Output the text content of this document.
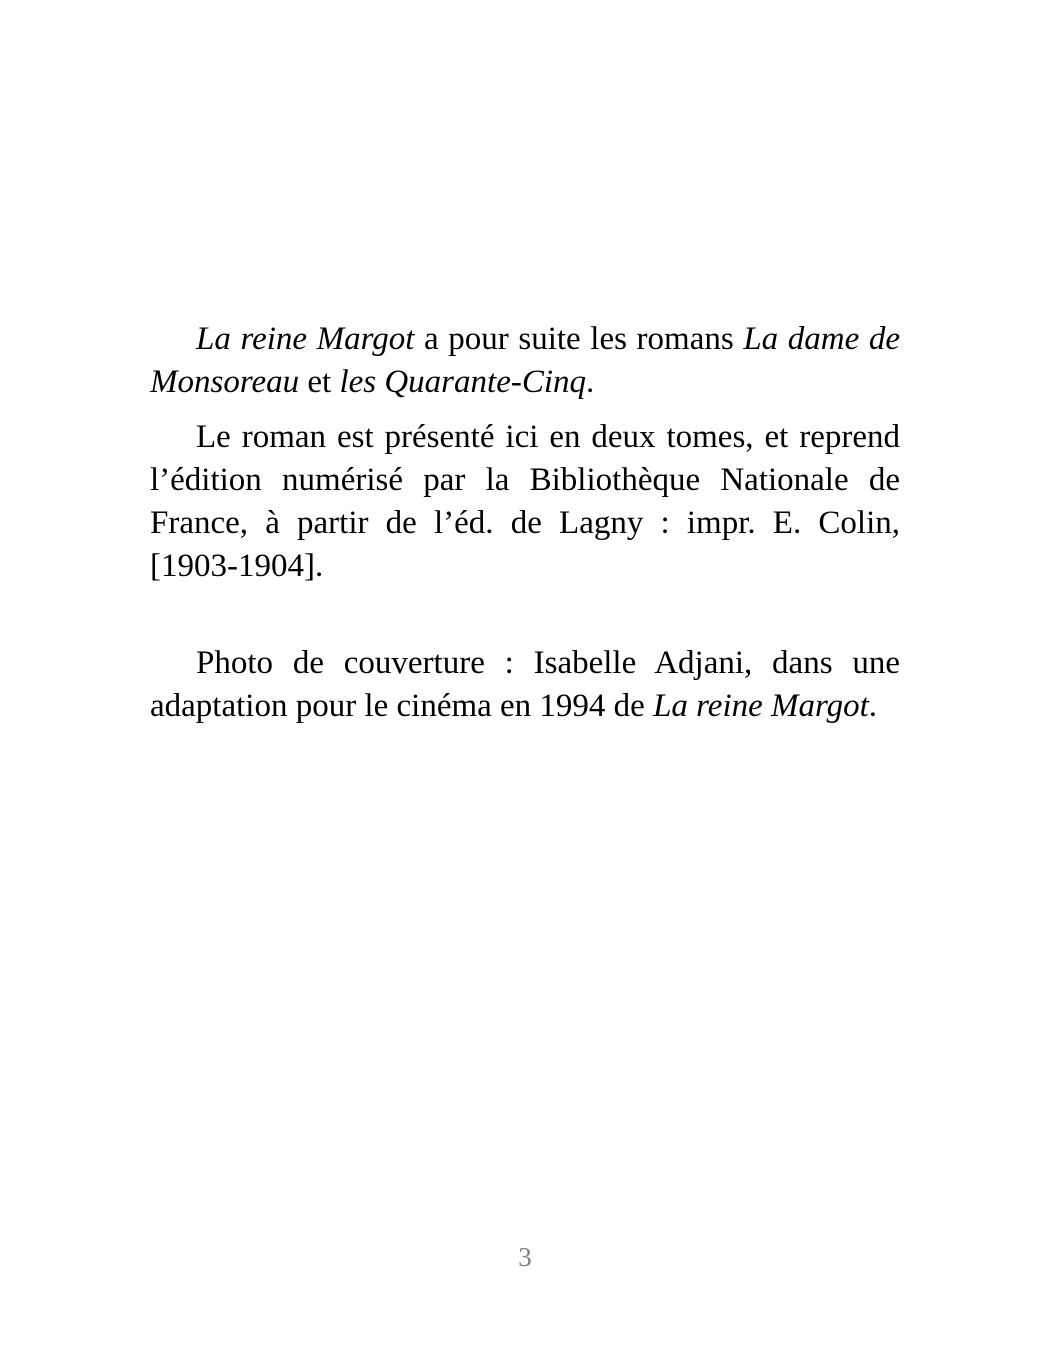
La reine Margot a pour suite les romans La dame de Monsoreau et les Quarante-Cinq.

Le roman est présenté ici en deux tomes, et reprend l’édition numérisé par la Bibliothèque Nationale de France, à partir de l’éd. de Lagny : impr. E. Colin, [1903-1904].

Photo de couverture : Isabelle Adjani, dans une adaptation pour le cinéma en 1994 de La reine Margot.

3
